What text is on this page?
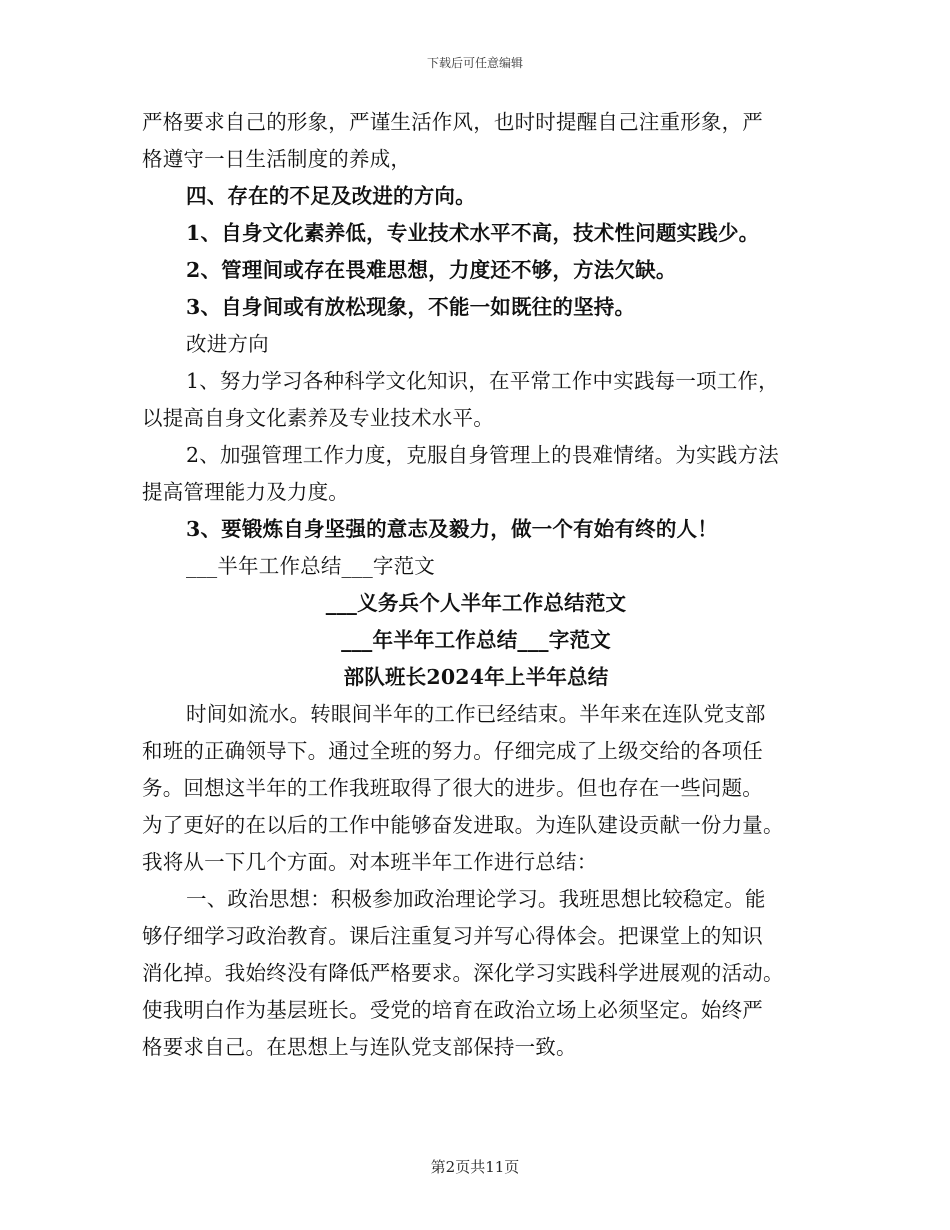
下载后可任意编辑
严格要求自己的形象，严谨生活作风，也时时提醒自己注重形象，严
格遵守一日生活制度的养成，
四、存在的不足及改进的方向。
1、自身文化素养低，专业技术水平不高，技术性问题实践少。
2、管理间或存在畏难思想，力度还不够，方法欠缺。
3、自身间或有放松现象，不能一如既往的坚持。
改进方向
1、努力学习各种科学文化知识，在平常工作中实践每一项工作，
以提高自身文化素养及专业技术水平。
2、加强管理工作力度，克服自身管理上的畏难情绪。为实践方法
提高管理能力及力度。
3、要锻炼自身坚强的意志及毅力，做一个有始有终的人！
___半年工作总结___字范文
___义务兵个人半年工作总结范文
___年半年工作总结___字范文
部队班长2024年上半年总结
时间如流水。转眼间半年的工作已经结束。半年来在连队党支部
和班的正确领导下。通过全班的努力。仔细完成了上级交给的各项任
务。回想这半年的工作我班取得了很大的进步。但也存在一些问题。
为了更好的在以后的工作中能够奋发进取。为连队建设贡献一份力量。
我将从一下几个方面。对本班半年工作进行总结：
一、政治思想：积极参加政治理论学习。我班思想比较稳定。能
够仔细学习政治教育。课后注重复习并写心得体会。把课堂上的知识
消化掉。我始终没有降低严格要求。深化学习实践科学进展观的活动。
使我明白作为基层班长。受党的培育在政治立场上必须坚定。始终严
格要求自己。在思想上与连队党支部保持一致。
第2页共11页
